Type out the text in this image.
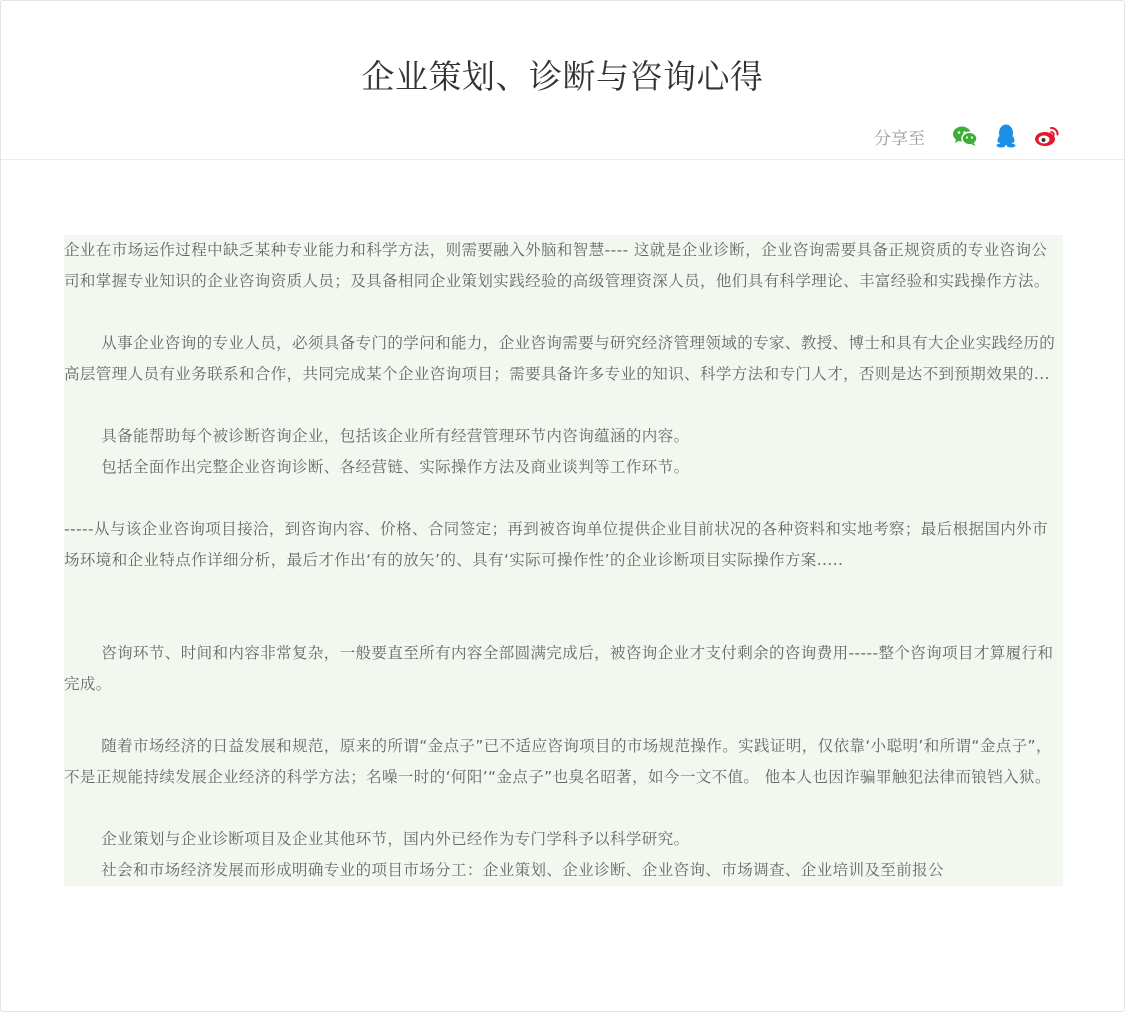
企业策划、诊断与咨询心得
分享至

企业在市场运作过程中缺乏某种专业能力和科学方法，则需要融入外脑和智慧---- 这就是企业诊断，企业咨询需要具备正规资质的专业咨询公司和掌握专业知识的企业咨询资质人员；及具备相同企业策划实践经验的高级管理资深人员，他们具有科学理论、丰富经验和实践操作方法。

从事企业咨询的专业人员，必须具备专门的学问和能力，企业咨询需要与研究经济管理领域的专家、教授、博士和具有大企业实践经历的高层管理人员有业务联系和合作，共同完成某个企业咨询项目；需要具备许多专业的知识、科学方法和专门人才，否则是达不到预期效果的...

具备能帮助每个被诊断咨询企业，包括该企业所有经营管理环节内咨询蕴涵的内容。

包括全面作出完整企业咨询诊断、各经营链、实际操作方法及商业谈判等工作环节。

-----从与该企业咨询项目接洽，到咨询内容、价格、合同签定；再到被咨询单位提供企业目前状况的各种资料和实地考察；最后根据国内外市场环境和企业特点作详细分析，最后才作出‘有的放矢’的、具有‘实际可操作性’的企业诊断项目实际操作方案.....

咨询环节、时间和内容非常复杂，一般要直至所有内容全部圆满完成后，被咨询企业才支付剩余的咨询费用-----整个咨询项目才算履行和完成。

随着市场经济的日益发展和规范，原来的所谓“金点子”已不适应咨询项目的市场规范操作。实践证明，仅依靠‘小聪明’和所谓“金点子”，不是正规能持续发展企业经济的科学方法；名噪一时的‘何阳’“金点子”也臭名昭著，如今一文不值。 他本人也因诈骗罪触犯法律而锒铛入狱。

企业策划与企业诊断项目及企业其他环节，国内外已经作为专门学科予以科学研究。

社会和市场经济发展而形成明确专业的项目市场分工：企业策划、企业诊断、企业咨询、市场调查、企业培训及至前报公
